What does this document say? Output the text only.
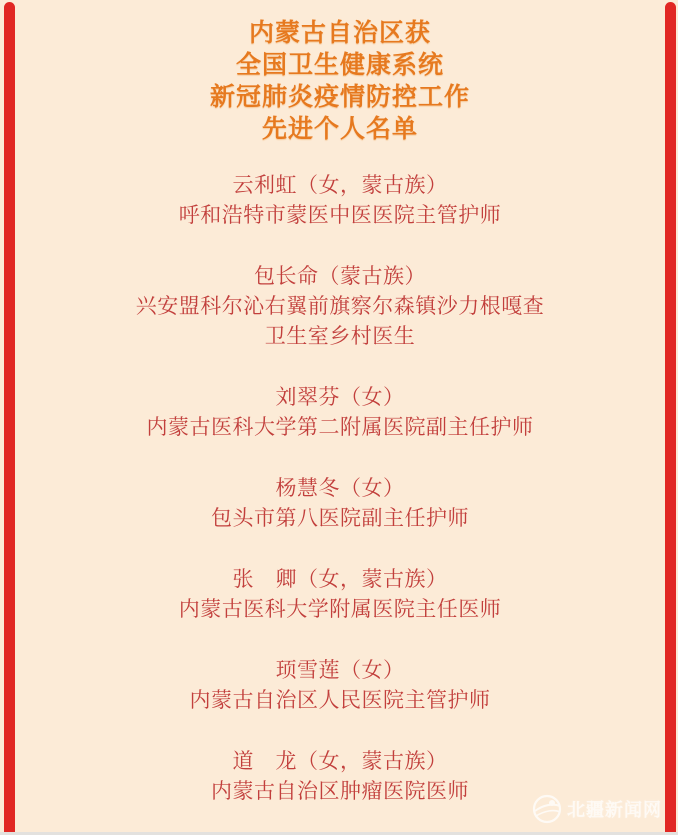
内蒙古自治区获
全国卫生健康系统
新冠肺炎疫情防控工作
先进个人名单
云利虹（女，蒙古族）
呼和浩特市蒙医中医医院主管护师
包长命（蒙古族）
兴安盟科尔沁右翼前旗察尔森镇沙力根嘎查
卫生室乡村医生
刘翠芬（女）
内蒙古医科大学第二附属医院副主任护师
杨慧冬（女）
包头市第八医院副主任护师
张　卿（女，蒙古族）
内蒙古医科大学附属医院主任医师
顼雪莲（女）
内蒙古自治区人民医院主管护师
道　龙（女，蒙古族）
内蒙古自治区肿瘤医院医师
北疆新闻网
